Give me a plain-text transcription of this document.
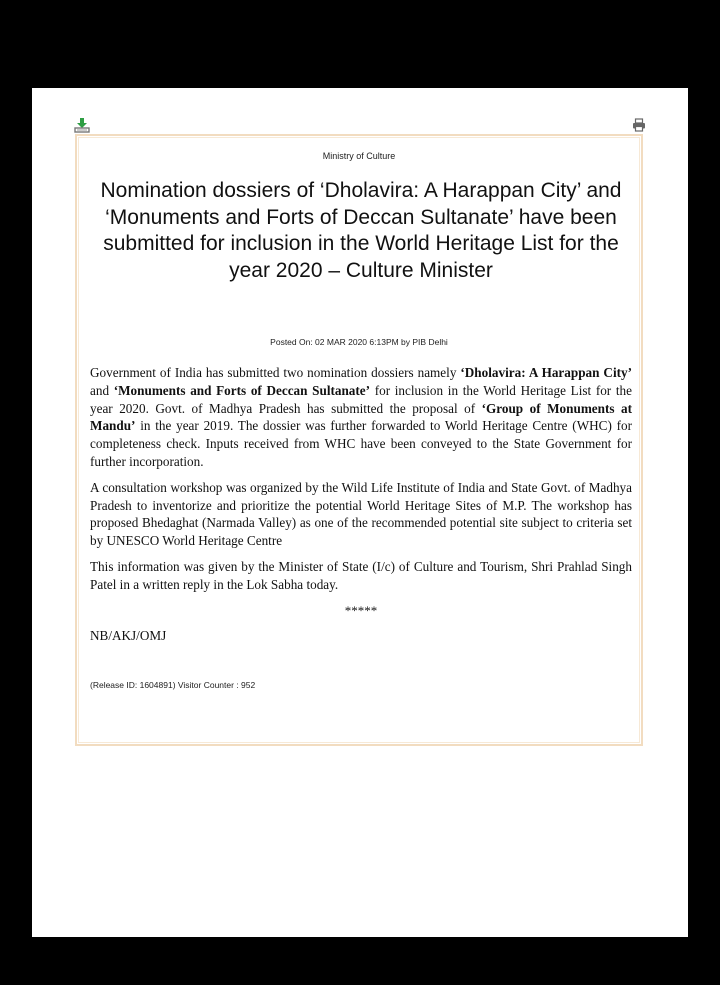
Ministry of Culture
Nomination dossiers of ‘Dholavira: A Harappan City’ and ‘Monuments and Forts of Deccan Sultanate’ have been submitted for inclusion in the World Heritage List for the year 2020 – Culture Minister
Posted On: 02 MAR 2020 6:13PM by PIB Delhi

Government of India has submitted two nomination dossiers namely ‘Dholavira: A Harappan City’ and ‘Monuments and Forts of Deccan Sultanate’ for inclusion in the World Heritage List for the year 2020. Govt. of Madhya Pradesh has submitted the proposal of ‘Group of Monuments at Mandu’ in the year 2019. The dossier was further forwarded to World Heritage Centre (WHC) for completeness check. Inputs received from WHC have been conveyed to the State Government for further incorporation.

A consultation workshop was organized by the Wild Life Institute of India and State Govt. of Madhya Pradesh to inventorize and prioritize the potential World Heritage Sites of M.P. The workshop has proposed Bhedaghat (Narmada Valley) as one of the recommended potential site subject to criteria set by UNESCO World Heritage Centre

This information was given by the Minister of State (I/c) of Culture and Tourism, Shri Prahlad Singh Patel in a written reply in the Lok Sabha today.

*****

NB/AKJ/OMJ

(Release ID: 1604891) Visitor Counter : 952
